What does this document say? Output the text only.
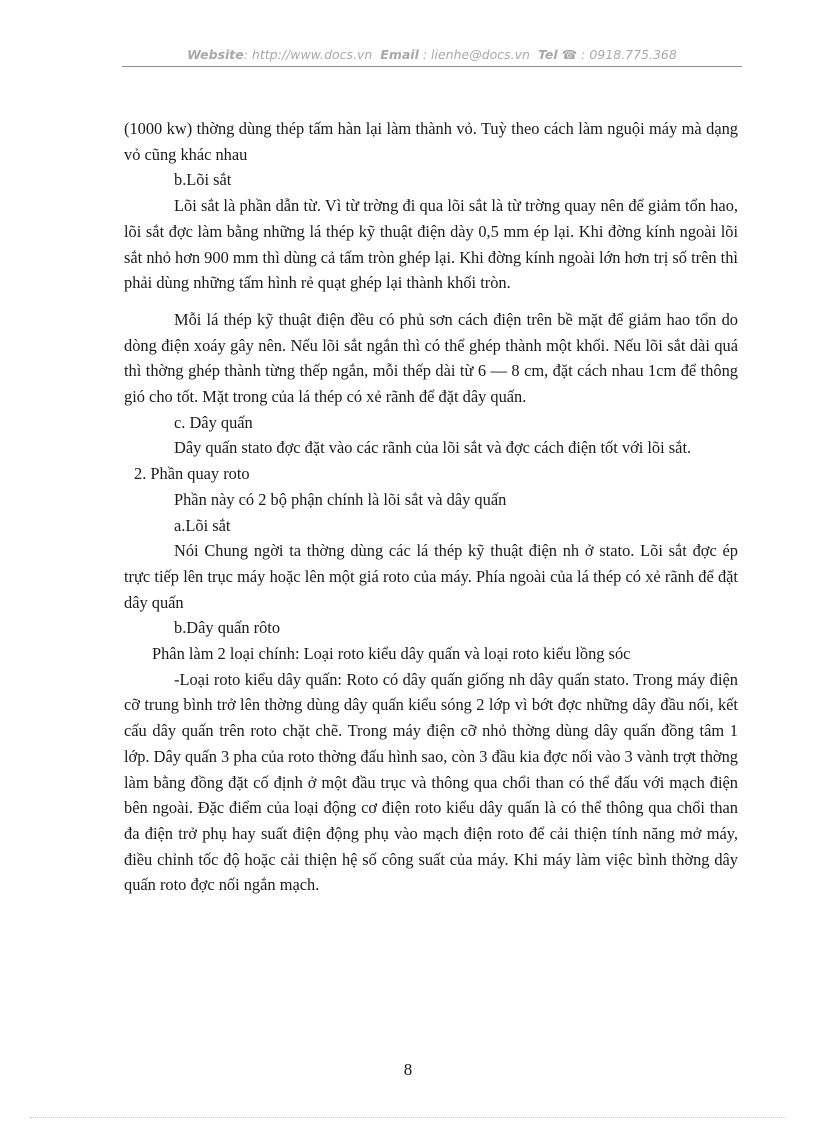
Website: http://www.docs.vn Email : lienhe@docs.vn Tel ☎ : 0918.775.368

(1000 kw) thờng dùng thép tấm hàn lại làm thành vỏ. Tuỳ theo cách làm nguội máy mà dạng vỏ cũng khác nhau

b.Lõi sắt

Lõi sắt là phần dẫn từ. Vì từ trờng đi qua lõi sắt là từ trờng quay nên để giảm tổn hao, lõi sắt đợc làm bằng những lá thép kỹ thuật điện dày 0,5 mm ép lại. Khi đờng kính ngoài lõi sắt nhỏ hơn 900 mm thì dùng cả tấm tròn ghép lại. Khi đờng kính ngoài lớn hơn trị số trên thì phải dùng những tấm hình rẻ quạt ghép lại thành khối tròn.

Mỗi lá thép kỹ thuật điện đều có phủ sơn cách điện trên bề mặt để giảm hao tổn do dòng điện xoáy gây nên. Nếu lõi sắt ngắn thì có thể ghép thành một khối. Nếu lõi sắt dài quá thì thờng ghép thành từng thếp ngắn, mỗi thếp dài từ 6 — 8 cm, đặt cách nhau 1cm để thông gió cho tốt. Mặt trong của lá thép có xẻ rãnh để đặt dây quấn.

c. Dây quấn

Dây quấn stato đợc đặt vào các rãnh của lõi sắt và đợc cách điện tốt với lõi sắt.

2. Phần quay roto

Phần này có 2 bộ phận chính là lõi sắt và dây quấn

a.Lõi sắt

Nói Chung ngời ta thờng dùng các lá thép kỹ thuật điện nh ở stato. Lõi sắt đợc ép trực tiếp lên trục máy hoặc lên một giá roto của máy. Phía ngoài của lá thép có xẻ rãnh để đặt dây quấn

b.Dây quấn rôto

Phân làm 2 loại chính: Loại roto kiểu dây quấn và loại roto kiểu lồng sóc

-Loại roto kiểu dây quấn: Roto có dây quấn giống nh dây quấn stato. Trong máy điện cỡ trung bình trở lên thờng dùng dây quấn kiểu sóng 2 lớp vì bớt đợc những dây đầu nối, kết cấu dây quấn trên roto chặt chẽ. Trong máy điện cỡ nhỏ thờng dùng dây quấn đồng tâm 1 lớp. Dây quấn 3 pha của roto thờng đấu hình sao, còn 3 đầu kia đợc nối vào 3 vành trợt thờng làm bằng đồng đặt cố định ở một đầu trục và thông qua chổi than có thể đấu với mạch điện bên ngoài. Đặc điểm của loại động cơ điện roto kiểu dây quấn là có thể thông qua chổi than đa điện trở phụ hay suất điện động phụ vào mạch điện roto để cải thiện tính năng mở máy, điều chỉnh tốc độ hoặc cải thiện hệ số công suất của máy. Khi máy làm việc bình thờng dây quấn roto đợc nối ngắn mạch.

8
